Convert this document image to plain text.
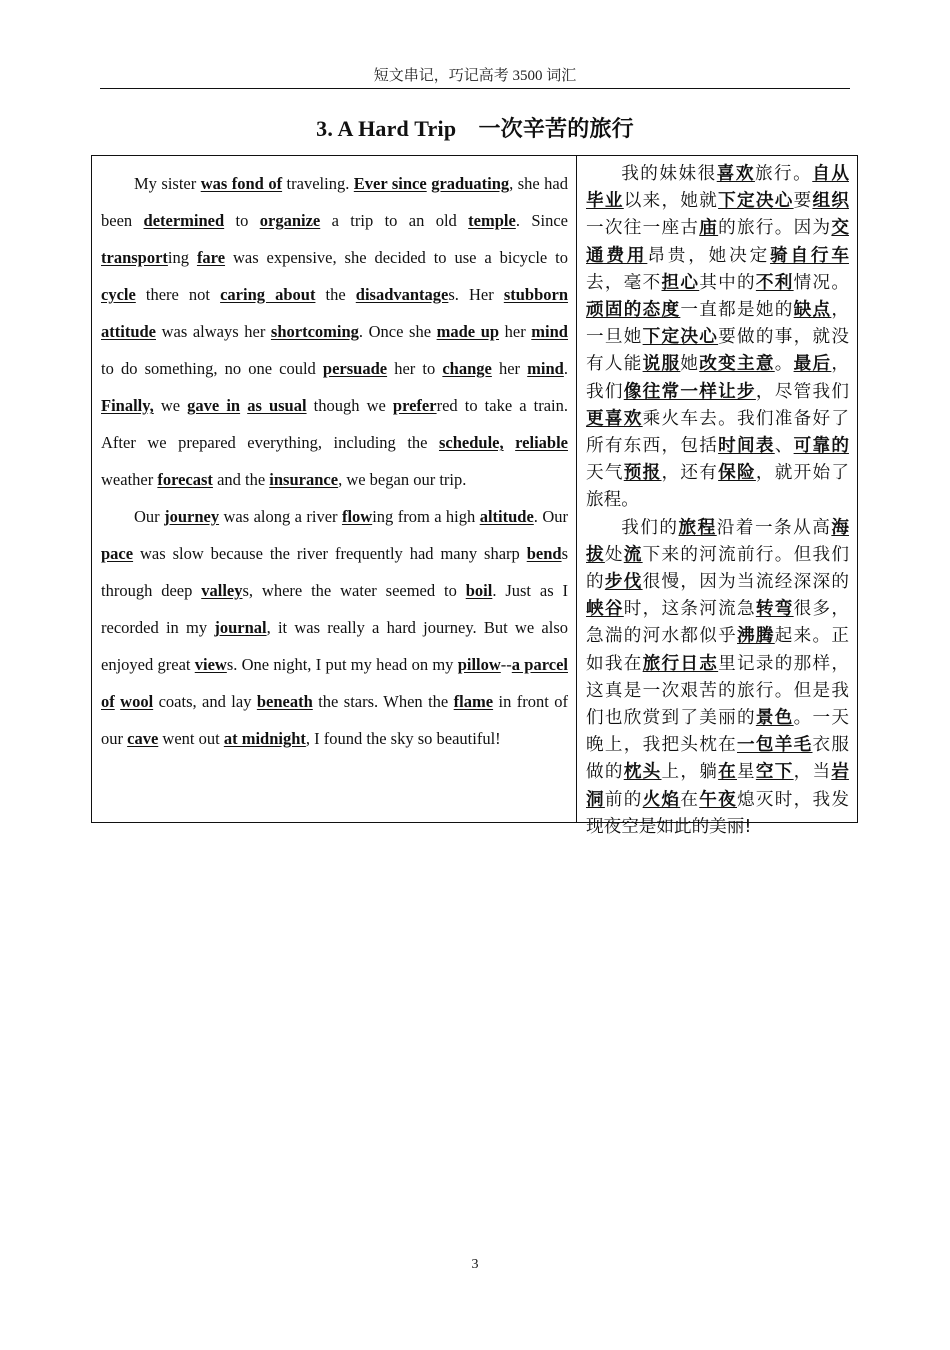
短文串记，巧记高考 3500 词汇
3. A Hard Trip　一次辛苦的旅行

My sister was fond of traveling. Ever since graduating, she had been determined to organize a trip to an old temple. Since transporting fare was expensive, she decided to use a bicycle to cycle there not caring about the disadvantages. Her stubborn attitude was always her shortcoming. Once she made up her mind to do something, no one could persuade her to change her mind. Finally, we gave in as usual though we preferred to take a train. After we prepared everything, including the schedule, reliable weather forecast and the insurance, we began our trip.

Our journey was along a river flowing from a high altitude. Our pace was slow because the river frequently had many sharp bends through deep valleys, where the water seemed to boil. Just as I recorded in my journal, it was really a hard journey. But we also enjoyed great views. One night, I put my head on my pillow--a parcel of wool coats, and lay beneath the stars. When the flame in front of our cave went out at midnight, I found the sky so beautiful!

我的妹妹很喜欢旅行。自从毕业以来，她就下定决心要组织一次往一座古庙的旅行。因为交通费用昂贵，她决定骑自行车去，毫不担心其中的不利情况。顽固的态度一直都是她的缺点，一旦她下定决心要做的事，就没有人能说服她改变主意。最后，我们像往常一样让步，尽管我们更喜欢乘火车去。我们准备好了所有东西，包括时间表、可靠的天气预报，还有保险，就开始了旅程。

我们的旅程沿着一条从高海拔处流下来的河流前行。但我们的步伐很慢，因为当流经深深的峡谷时，这条河流急转弯很多，急湍的河水都似乎沸腾起来。正如我在旅行日志里记录的那样，这真是一次艰苦的旅行。但是我们也欣赏到了美丽的景色。一天晚上，我把头枕在一包羊毛衣服做的枕头上，躺在星空下，当岩洞前的火焰在午夜熄灭时，我发现夜空是如此的美丽!

3
